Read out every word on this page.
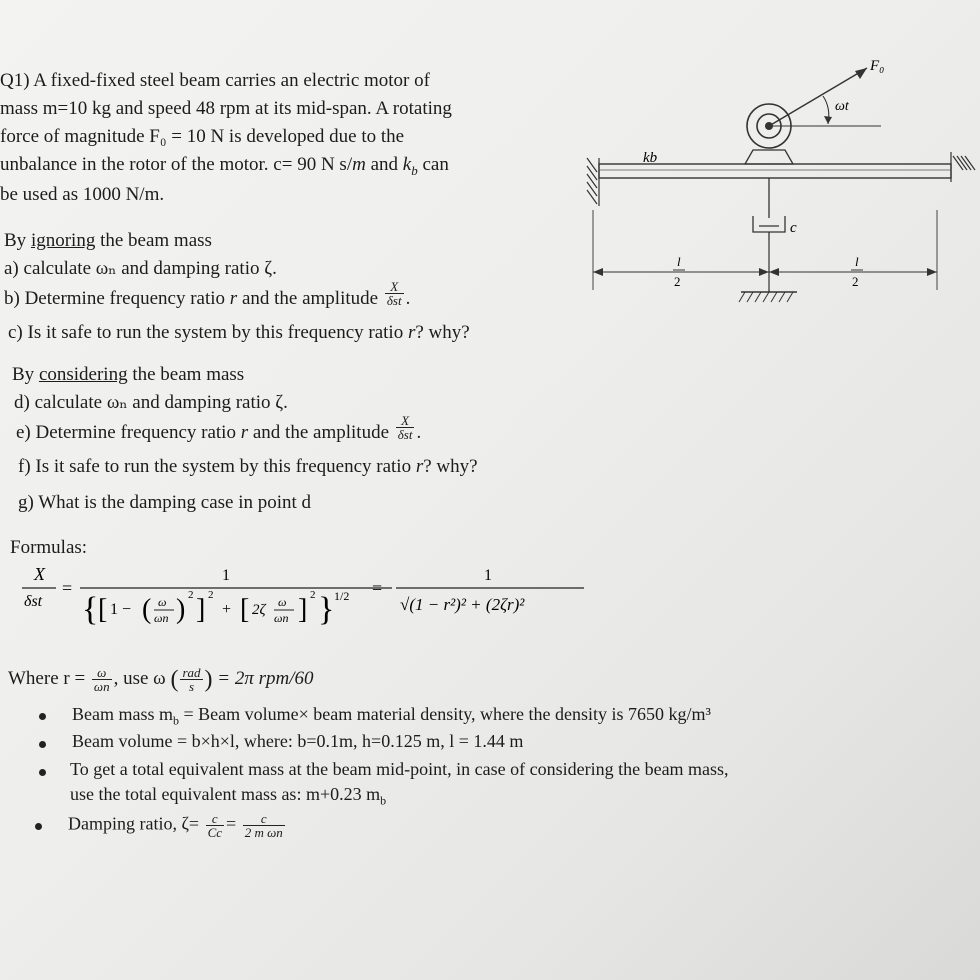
Q1) A fixed-fixed steel beam carries an electric motor of
mass m=10 kg and speed 48 rpm at its mid-span. A rotating
force of magnitude F₀ = 10 N is developed due to the
unbalance in the rotor of the motor. c= 90 N s/m and $k_b$ can
be used as 1000 N/m.
By ignoring the beam mass
a) calculate ωₙ and damping ratio ζ.
b) Determine frequency ratio r and the amplitude $\frac{X}{\text{δst}}$ .
c) Is it safe to run the system by this frequency ratio r? why?
By considering the beam mass
d) calculate ωₙ and damping ratio ζ.
e) Determine frequency ratio r and the amplitude $\frac{X}{\text{δst}}$ .
f) Is it safe to run the system by this frequency ratio r? why?
g) What is the damping case in point d
Formulas:
X
δst
=
1
{ [ 1 − ( ω
ωn ) 2 ] 2
+ [ 2ζ ω
ωn ] 2 } 1/2 =
1
√(1 − r²)² + (2ζr)²
Where $r = \frac{\omega}{\omega n}$ , use ω ( $\frac{\text{rad}}{s}$ ) = 2π rpm/60
Beam mass $m_b$ = Beam volume× beam material density, where the density is 7650 kg/m³
Beam volume = b×h×l, where: b=0.1m, h=0.125 m, l = 1.44 m
To get a total equivalent mass at the beam mid-point, in case of considering the beam mass,
use the total equivalent mass as: m+0.23 $m_b$
Damping ratio, $\zeta= \frac{c}{Cc} = \frac{c}{\text{2 m ωn}}$
F₀
ωt
kb
c
l
2
l
2
